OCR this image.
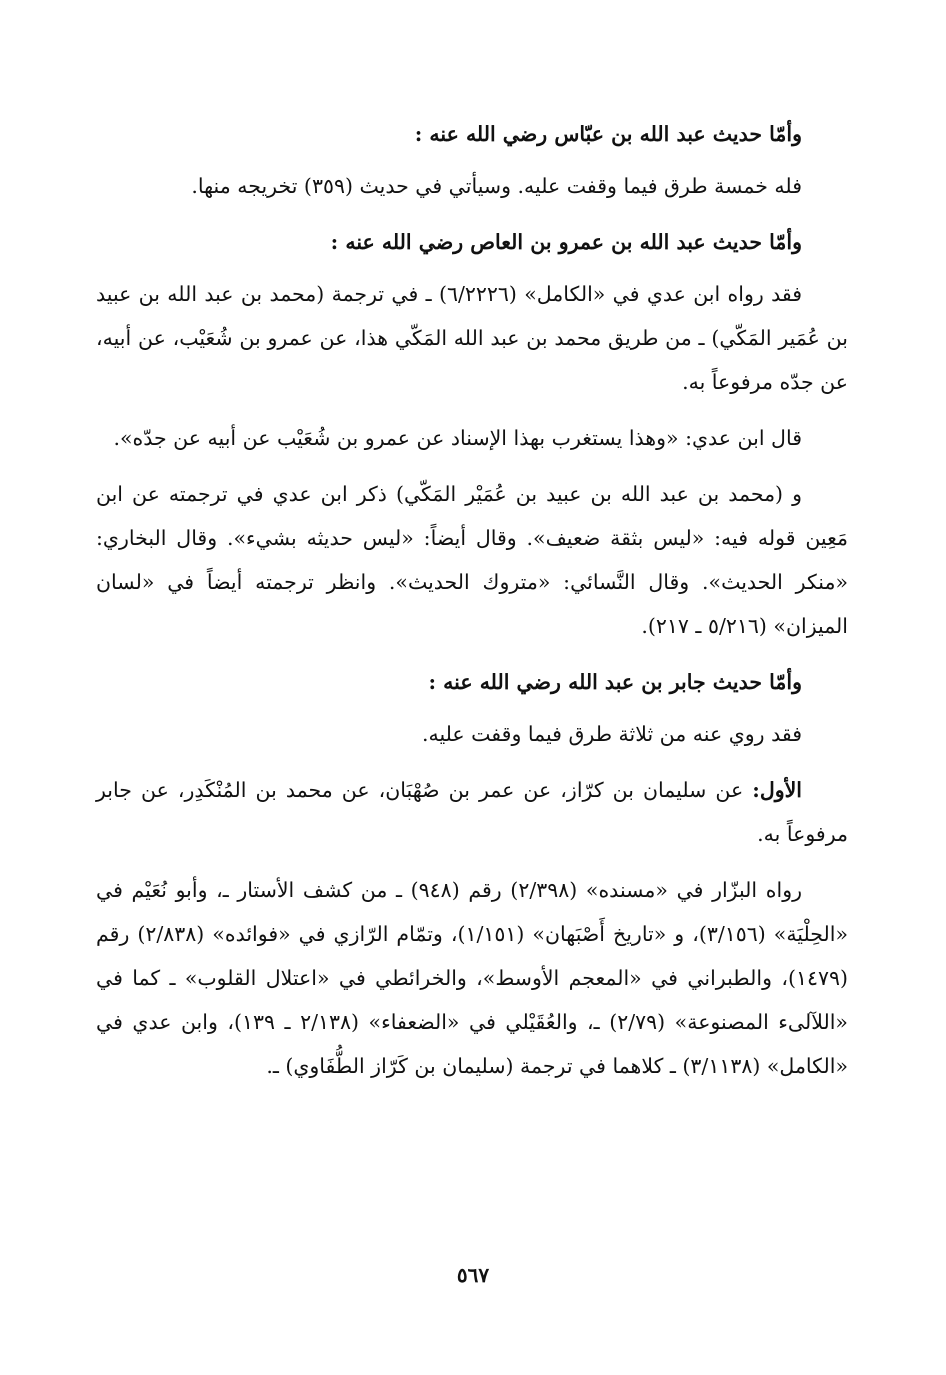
وأمّا حديث عبد الله بن عبّاس رضي الله عنه :

فله خمسة طرق فيما وقفت عليه. وسيأتي في حديث (٣٥٩) تخريجه منها.

وأمّا حديث عبد الله بن عمرو بن العاص رضي الله عنه :

فقد رواه ابن عدي في «الكامل» (٦/٢٢٢٦) ـ في ترجمة (محمد بن عبد الله بن عبيد بن عُمَير المَكّي) ـ من طريق محمد بن عبد الله المَكّي هذا، عن عمرو بن شُعَيْب، عن أبيه، عن جدّه مرفوعاً به.

قال ابن عدي: «وهذا يستغرب بهذا الإسناد عن عمرو بن شُعَيْب عن أبيه عن جدّه».

و (محمد بن عبد الله بن عبيد بن عُمَيْر المَكّي) ذكر ابن عدي في ترجمته عن ابن مَعِين قوله فيه: «ليس بثقة ضعيف». وقال أيضاً: «ليس حديثه بشيء». وقال البخاري: «منكر الحديث». وقال النَّسائي: «متروك الحديث». وانظر ترجمته أيضاً في «لسان الميزان» (٥/٢١٦ ـ ٢١٧).

وأمّا حديث جابر بن عبد الله رضي الله عنه :

فقد روي عنه من ثلاثة طرق فيما وقفت عليه.

الأول: عن سليمان بن كرّاز، عن عمر بن صُهْبَان، عن محمد بن المُنْكَدِر، عن جابر مرفوعاً به.

رواه البزّار في «مسنده» (٢/٣٩٨) رقم (٩٤٨) ـ من كشف الأستار ـ، وأبو نُعَيْم في «الحِلْيَة» (٣/١٥٦)، و «تاريخ أَصْبَهان» (١/١٥١)، وتمّام الرّازي في «فوائده» (٢/٨٣٨) رقم (١٤٧٩)، والطبراني في «المعجم الأوسط»، والخرائطي في «اعتلال القلوب» ـ كما في «اللآلىء المصنوعة» (٢/٧٩) ـ، والعُقَيْلي في «الضعفاء» (٢/١٣٨ ـ ١٣٩)، وابن عدي في «الكامل» (٣/١١٣٨) ـ كلاهما في ترجمة (سليمان بن كَرّاز الطُّفَاوي) ـ.

٥٦٧
